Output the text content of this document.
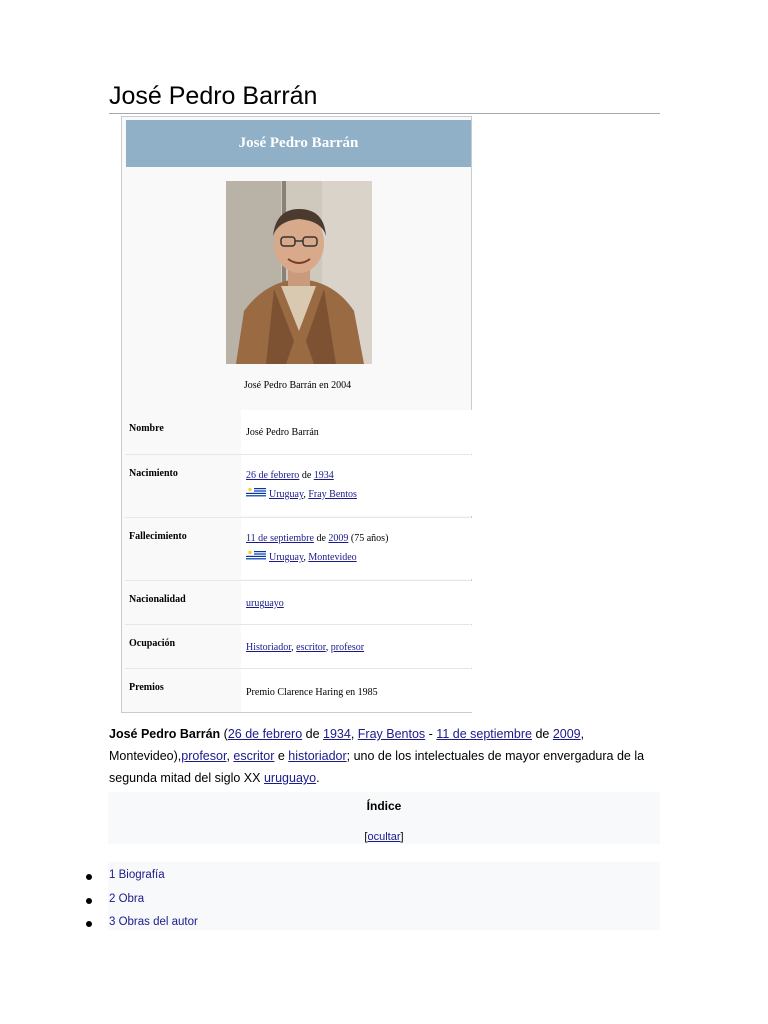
José Pedro Barrán
José Pedro Barrán
José Pedro Barrán en 2004
Nombre	José Pedro Barrán
Nacimiento	26 de febrero de 1934
Uruguay, Fray Bentos
Fallecimiento	11 de septiembre de 2009 (75 años)
Uruguay, Montevideo
Nacionalidad	uruguayo
Ocupación	Historiador, escritor, profesor
Premios	Premio Clarence Haring en 1985
José Pedro Barrán (26 de febrero de 1934, Fray Bentos - 11 de septiembre de 2009, Montevideo),profesor, escritor e historiador; uno de los intelectuales de mayor envergadura de la segunda mitad del siglo XX uruguayo.
Índice
[ocultar]
1 Biografía
2 Obra
3 Obras del autor
